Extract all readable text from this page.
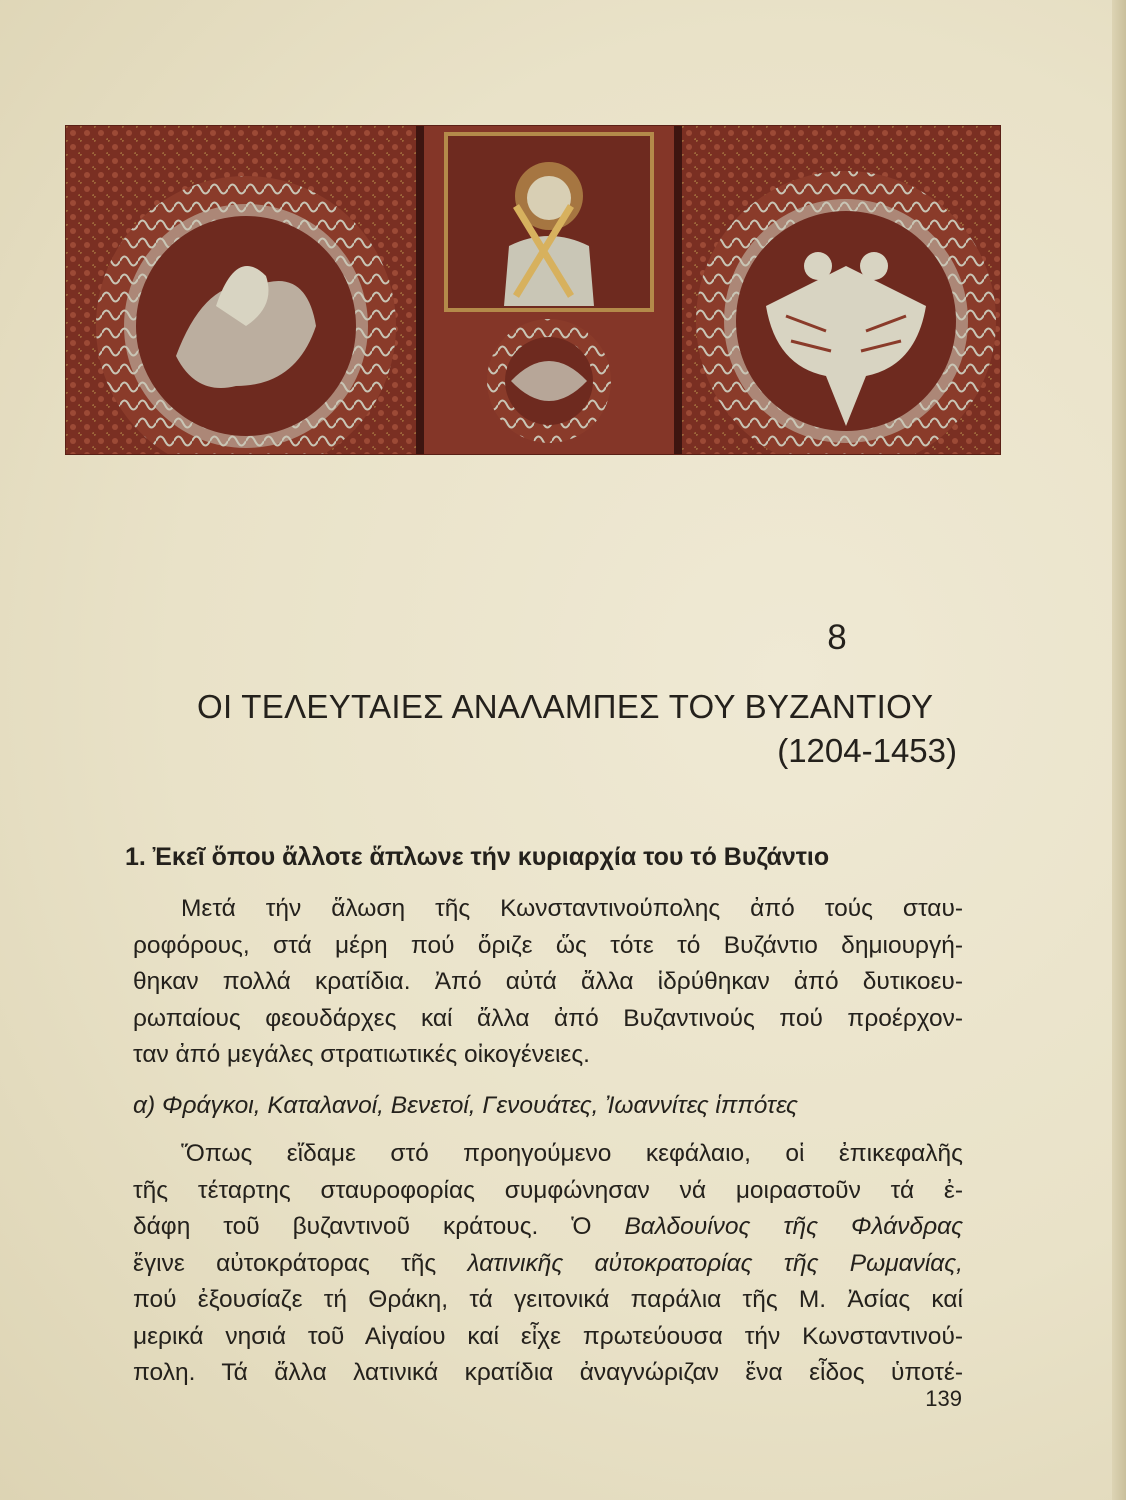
8
ΟΙ ΤΕΛΕΥΤΑΙΕΣ ΑΝΑΛΑΜΠΕΣ ΤΟΥ ΒΥΖΑΝΤΙΟΥ
(1204-1453)
1. Ἐκεῖ ὅπου ἄλλοτε ἅπλωνε τήν κυριαρχία του τό Βυζάντιο
Μετά τήν ἅλωση τῆς Κωνσταντινούπολης ἀπό τούς σταυ-
ροφόρους, στά μέρη πού ὅριζε ὥς τότε τό Βυζάντιο δημιουργή-
θηκαν πολλά κρατίδια. Ἀπό αὐτά ἄλλα ἱδρύθηκαν ἀπό δυτικοευ-
ρωπαίους φεουδάρχες καί ἄλλα ἀπό Βυζαντινούς πού προέρχον-
ταν ἀπό μεγάλες στρατιωτικές οἰκογένειες.
α) Φράγκοι, Καταλανοί, Βενετοί, Γενουάτες, Ἰωαννίτες ἱππότες
Ὅπως εἴδαμε στό προηγούμενο κεφάλαιο, οἱ ἐπικεφαλῆς
τῆς τέταρτης σταυροφορίας συμφώνησαν νά μοιραστοῦν τά ἐ-
δάφη τοῦ βυζαντινοῦ κράτους. Ὁ Βαλδουίνος τῆς Φλάνδρας
ἔγινε αὐτοκράτορας τῆς λατινικῆς αὐτοκρατορίας τῆς Ρωμανίας,
πού ἐξουσίαζε τή Θράκη, τά γειτονικά παράλια τῆς Μ. Ἀσίας καί
μερικά νησιά τοῦ Αἰγαίου καί εἶχε πρωτεύουσα τήν Κωνσταντινού-
πολη. Τά ἄλλα λατινικά κρατίδια ἀναγνώριζαν ἕνα εἶδος ὑποτέ-
139
